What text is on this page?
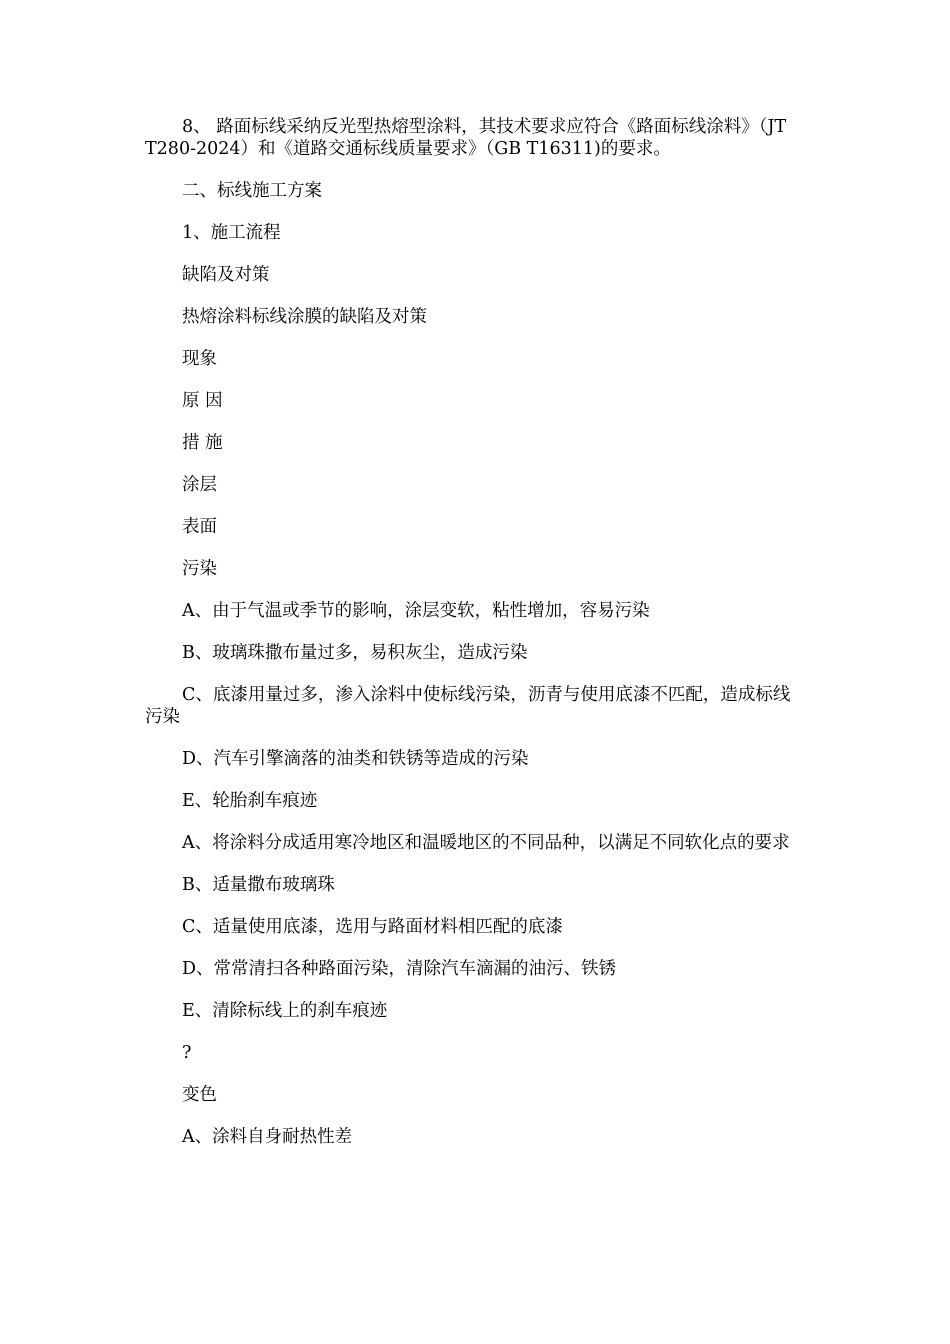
8、 路面标线采纳反光型热熔型涂料，其技术要求应符合《路面标线涂料》（JT T280-2024）和《道路交通标线质量要求》（GB T16311)的要求。

二、标线施工方案

1、施工流程

缺陷及对策

热熔涂料标线涂膜的缺陷及对策

现象

原 因

措 施

涂层

表面

污染

A、由于气温或季节的影响，涂层变软，粘性增加，容易污染

B、玻璃珠撒布量过多，易积灰尘，造成污染

C、底漆用量过多，渗入涂料中使标线污染，沥青与使用底漆不匹配，造成标线污染

D、汽车引擎滴落的油类和铁锈等造成的污染

E、轮胎刹车痕迹

A、将涂料分成适用寒冷地区和温暖地区的不同品种，以满足不同软化点的要求

B、适量撒布玻璃珠

C、适量使用底漆，选用与路面材料相匹配的底漆

D、常常清扫各种路面污染，清除汽车滴漏的油污、铁锈

E、清除标线上的刹车痕迹

?

变色

A、涂料自身耐热性差
